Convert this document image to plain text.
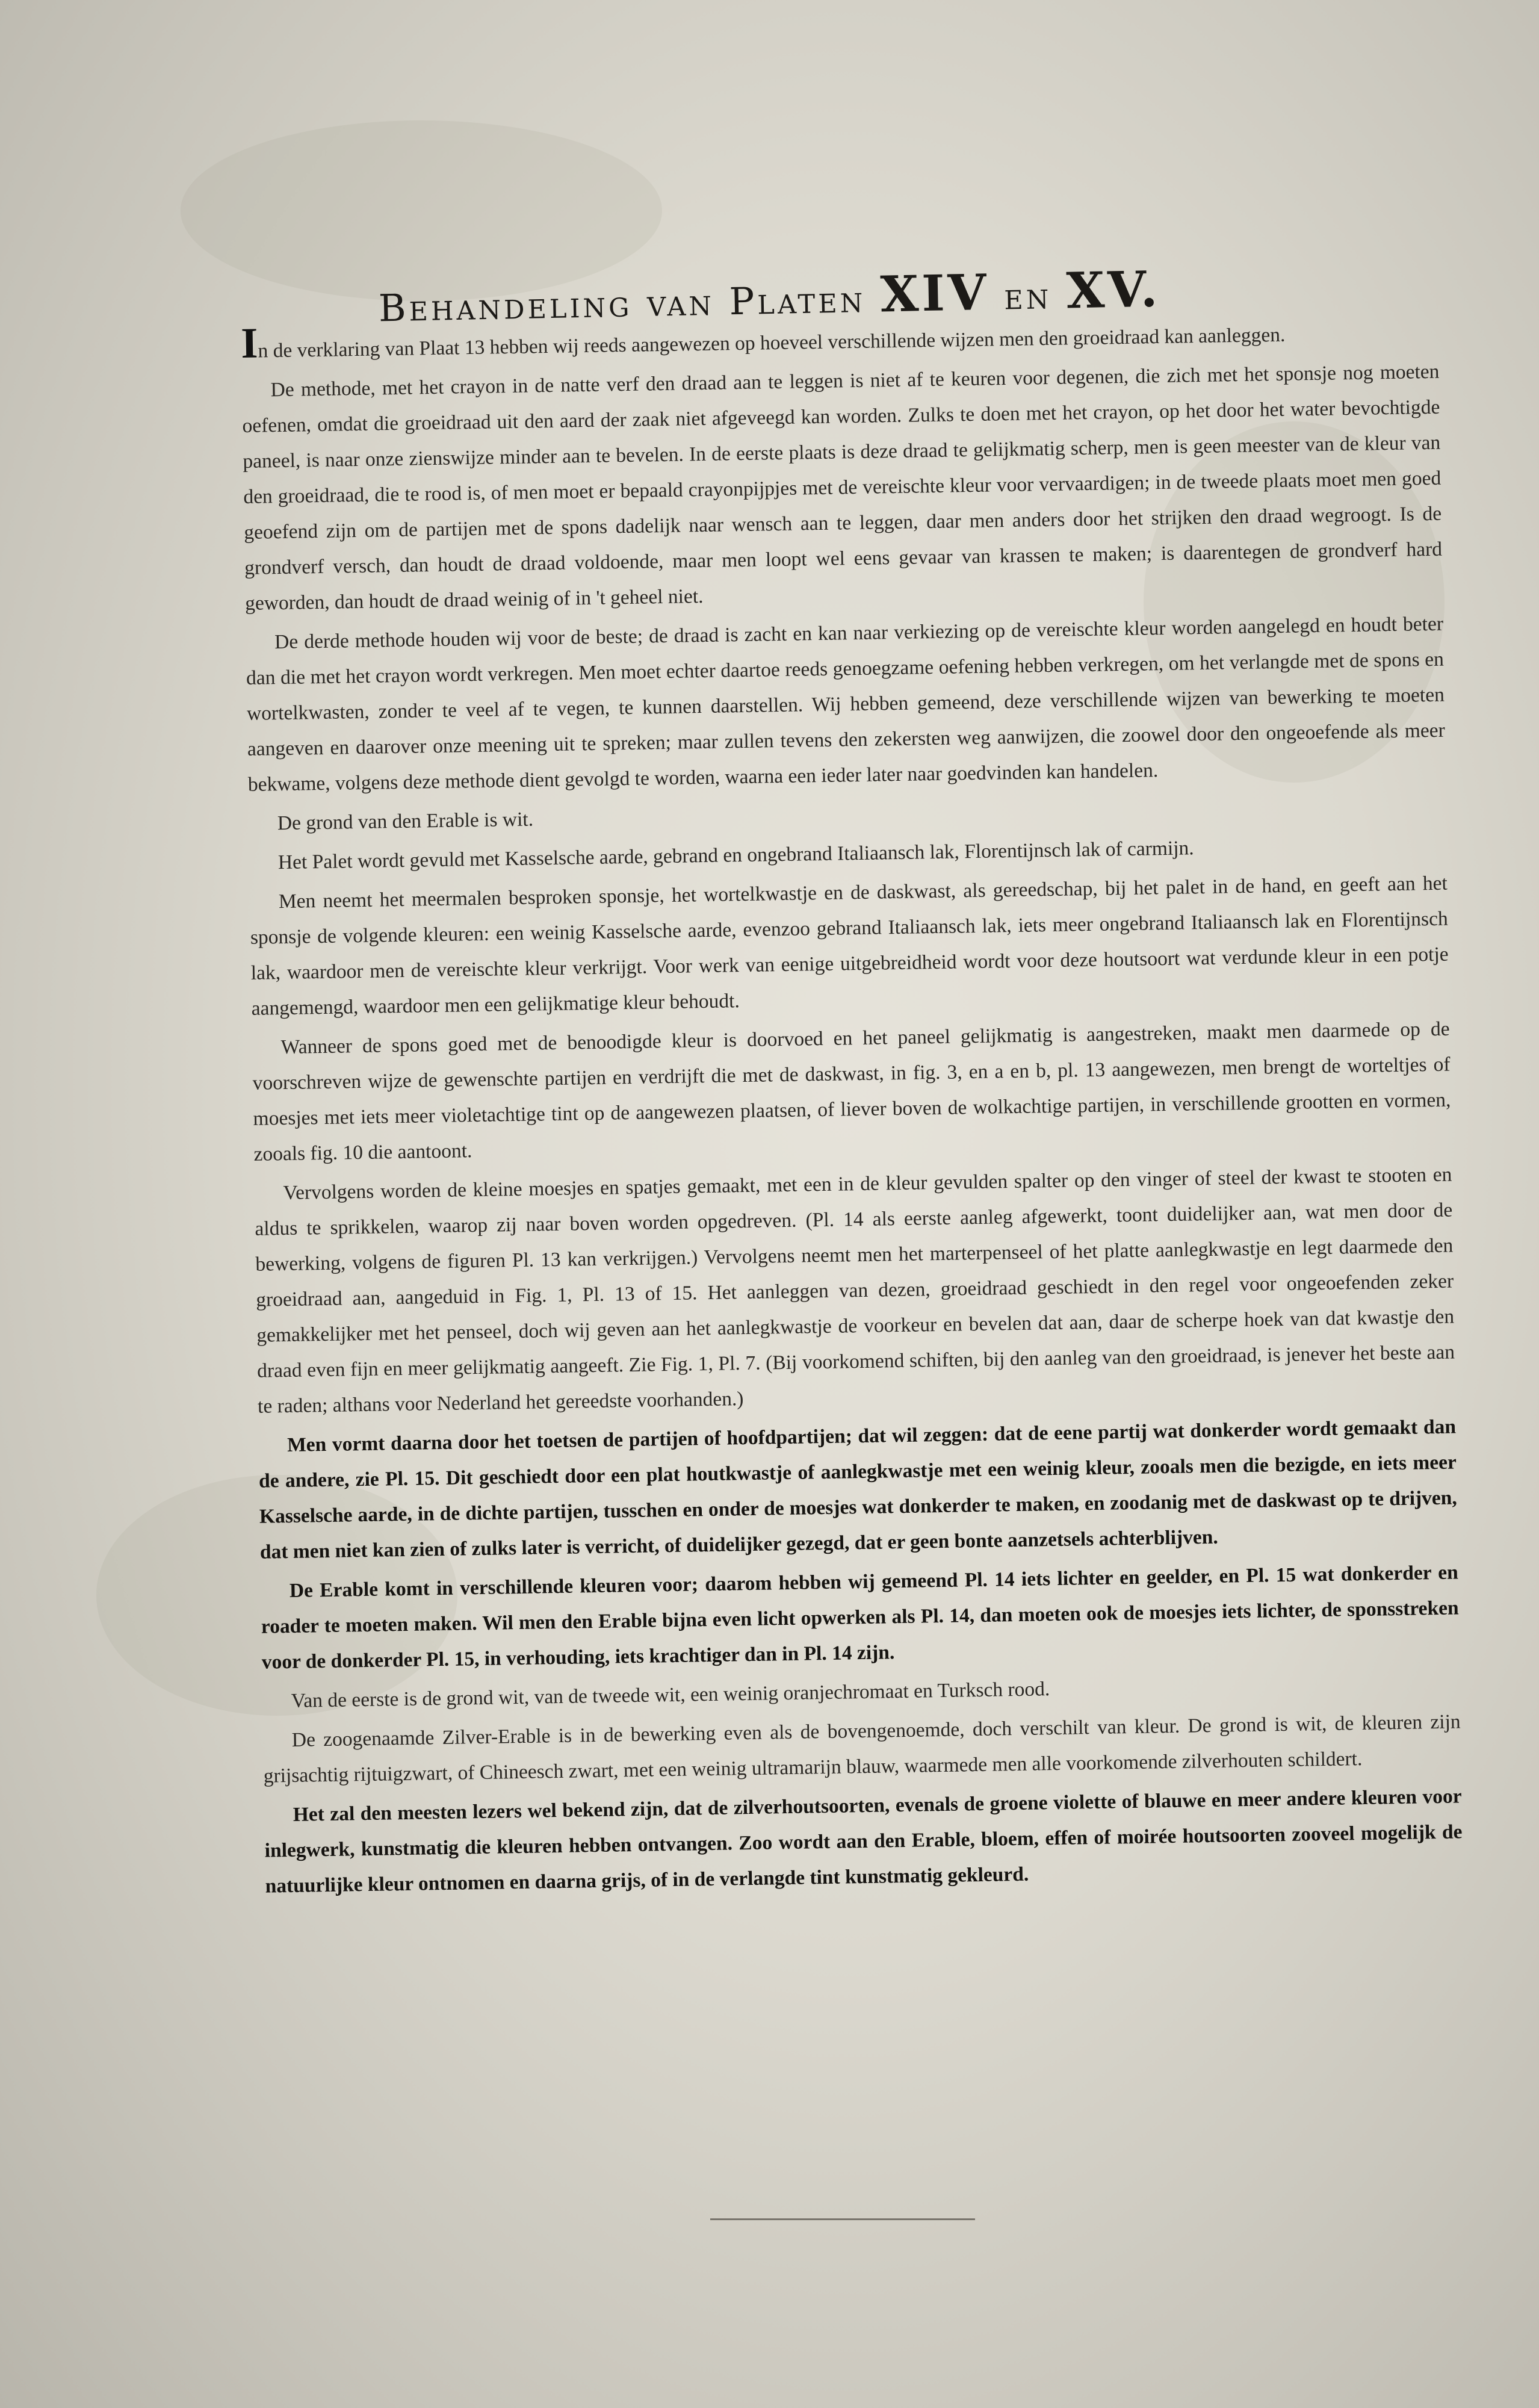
Behandeling van Platen XIV en XV.

In de verklaring van Plaat 13 hebben wij reeds aangewezen op hoeveel verschillende wijzen men den groeidraad kan aanleggen.

De methode, met het crayon in de natte verf den draad aan te leggen is niet af te keuren voor degenen, die zich met het sponsje nog moeten oefenen, omdat die groeidraad uit den aard der zaak niet afgeveegd kan worden. Zulks te doen met het crayon, op het door het water bevochtigde paneel, is naar onze zienswijze minder aan te bevelen. In de eerste plaats is deze draad te gelijkmatig scherp, men is geen meester van de kleur van den groeidraad, die te rood is, of men moet er bepaald crayonpijpjes met de vereischte kleur voor vervaardigen; in de tweede plaats moet men goed geoefend zijn om de partijen met de spons dadelijk naar wensch aan te leggen, daar men anders door het strijken den draad wegroogt. Is de grondverf versch, dan houdt de draad voldoende, maar men loopt wel eens gevaar van krassen te maken; is daarentegen de grondverf hard geworden, dan houdt de draad weinig of in 't geheel niet.

De derde methode houden wij voor de beste; de draad is zacht en kan naar verkiezing op de vereischte kleur worden aangelegd en houdt beter dan die met het crayon wordt verkregen. Men moet echter daartoe reeds genoegzame oefening hebben verkregen, om het verlangde met de spons en wortelkwasten, zonder te veel af te vegen, te kunnen daarstellen. Wij hebben gemeend, deze verschillende wijzen van bewerking te moeten aangeven en daarover onze meening uit te spreken; maar zullen tevens den zekersten weg aanwijzen, die zoowel door den ongeoefende als meer bekwame, volgens deze methode dient gevolgd te worden, waarna een ieder later naar goedvinden kan handelen.

De grond van den Erable is wit.

Het Palet wordt gevuld met Kasselsche aarde, gebrand en ongebrand Italiaansch lak, Florentijnsch lak of carmijn.

Men neemt het meermalen besproken sponsje, het wortelkwastje en de daskwast, als gereedschap, bij het palet in de hand, en geeft aan het sponsje de volgende kleuren: een weinig Kasselsche aarde, evenzoo gebrand Italiaansch lak, iets meer ongebrand Italiaansch lak en Florentijnsch lak, waardoor men de vereischte kleur verkrijgt. Voor werk van eenige uitgebreidheid wordt voor deze houtsoort wat verdunde kleur in een potje aangemengd, waardoor men een gelijkmatige kleur behoudt.

Wanneer de spons goed met de benoodigde kleur is doorvoed en het paneel gelijkmatig is aangestreken, maakt men daarmede op de voorschreven wijze de gewenschte partijen en verdrijft die met de daskwast, in fig. 3, en a en b, pl. 13 aangewezen, men brengt de worteltjes of moesjes met iets meer violetachtige tint op de aangewezen plaatsen, of liever boven de wolkachtige partijen, in verschillende grootten en vormen, zooals fig. 10 die aantoont.

Vervolgens worden de kleine moesjes en spatjes gemaakt, met een in de kleur gevulden spalter op den vinger of steel der kwast te stooten en aldus te sprikkelen, waarop zij naar boven worden opgedreven. (Pl. 14 als eerste aanleg afgewerkt, toont duidelijker aan, wat men door de bewerking, volgens de figuren Pl. 13 kan verkrijgen.) Vervolgens neemt men het marterpenseel of het platte aanlegkwastje en legt daarmede den groeidraad aan, aangeduid in Fig. 1, Pl. 13 of 15. Het aanleggen van dezen, groeidraad geschiedt in den regel voor ongeoefenden zeker gemakkelijker met het penseel, doch wij geven aan het aanlegkwastje de voorkeur en bevelen dat aan, daar de scherpe hoek van dat kwastje den draad even fijn en meer gelijkmatig aangeeft. Zie Fig. 1, Pl. 7. (Bij voorkomend schiften, bij den aanleg van den groeidraad, is jenever het beste aan te raden; althans voor Nederland het gereedste voorhanden.)

Men vormt daarna door het toetsen de partijen of hoofdpartijen; dat wil zeggen: dat de eene partij wat donkerder wordt gemaakt dan de andere, zie Pl. 15. Dit geschiedt door een plat houtkwastje of aanlegkwastje met een weinig kleur, zooals men die bezigde, en iets meer Kasselsche aarde, in de dichte partijen, tusschen en onder de moesjes wat donkerder te maken, en zoodanig met de daskwast op te drijven, dat men niet kan zien of zulks later is verricht, of duidelijker gezegd, dat er geen bonte aanzetsels achterblijven.

De Erable komt in verschillende kleuren voor; daarom hebben wij gemeend Pl. 14 iets lichter en geelder, en Pl. 15 wat donkerder en roader te moeten maken. Wil men den Erable bijna even licht opwerken als Pl. 14, dan moeten ook de moesjes iets lichter, de sponsstreken voor de donkerder Pl. 15, in verhouding, iets krachtiger dan in Pl. 14 zijn.

Van de eerste is de grond wit, van de tweede wit, een weinig oranjechromaat en Turksch rood.

De zoogenaamde Zilver-Erable is in de bewerking even als de bovengenoemde, doch verschilt van kleur. De grond is wit, de kleuren zijn grijsachtig rijtuigzwart, of Chineesch zwart, met een weinig ultramarijn blauw, waarmede men alle voorkomende zilverhouten schildert.

Het zal den meesten lezers wel bekend zijn, dat de zilverhoutsoorten, evenals de groene violette of blauwe en meer andere kleuren voor inlegwerk, kunstmatig die kleuren hebben ontvangen. Zoo wordt aan den Erable, bloem, effen of moirée houtsoorten zooveel mogelijk de natuurlijke kleur ontnomen en daarna grijs, of in de verlangde tint kunstmatig gekleurd.
